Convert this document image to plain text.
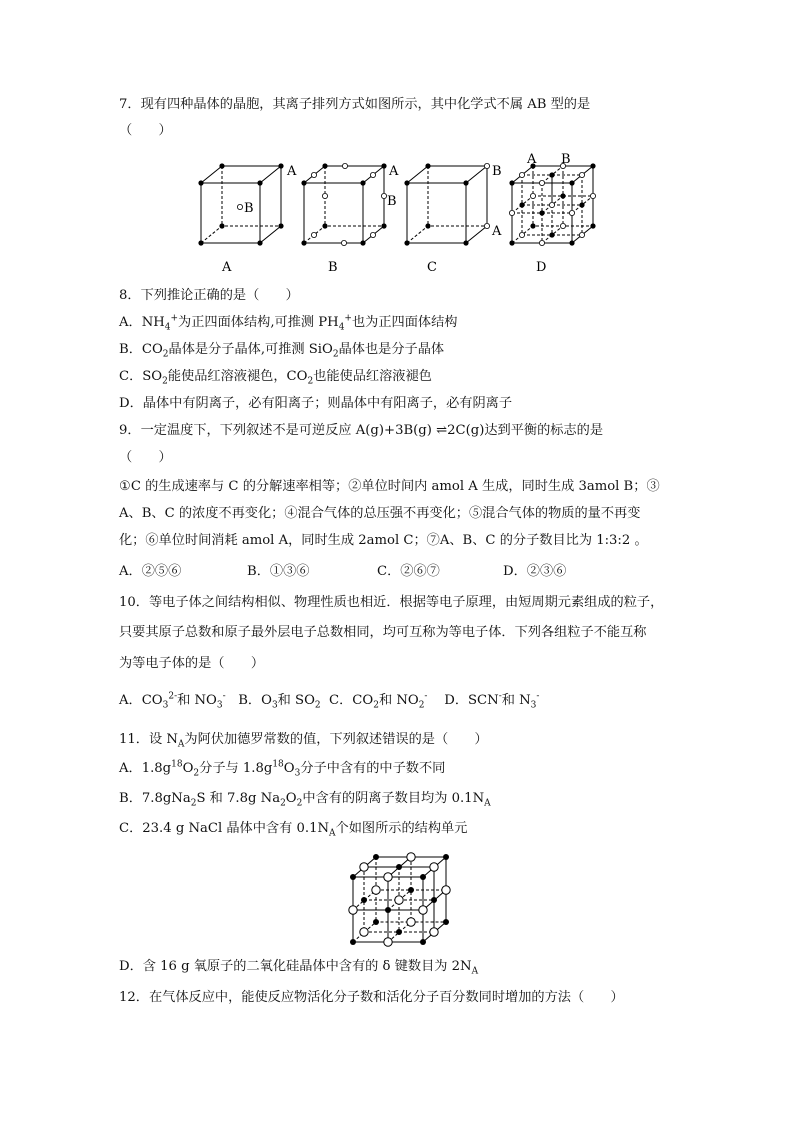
7．现有四种晶体的晶胞，其离子排列方式如图所示，其中化学式不属 AB 型的是
（　　）
A
B
A
B
B
A
A B
A	B	C	D
8．下列推论正确的是（　　）
A．$NH_4^+$为正四面体结构,可推测 $PH_4^+$也为正四面体结构
B．$CO_2$晶体是分子晶体,可推测 SiO$_2$晶体也是分子晶体
C．$SO_2$能使品红溶液褪色，$CO_2$也能使品红溶液褪色
D．晶体中有阴离子，必有阳离子；则晶体中有阳离子，必有阴离子
9．一定温度下，下列叙述不是可逆反应 A(g)+3B(g) ⇌2C(g)达到平衡的标志的是
（　　）
①C 的生成速率与 C 的分解速率相等；②单位时间内 amol A 生成，同时生成 3amol B；③
A、B、C 的浓度不再变化；④混合气体的总压强不再变化；⑤混合气体的物质的量不再变
化；⑥单位时间消耗 amol A，同时生成 2amol C；⑦A、B、C 的分子数目比为 1:3:2 。
A．②⑤⑥	B．①③⑥	C．②⑥⑦	D．②③⑥
10．等电子体之间结构相似、物理性质也相近．根据等电子原理，由短周期元素组成的粒子，
只要其原子总数和原子最外层电子总数相同，均可互称为等电子体．下列各组粒子不能互称
为等电子体的是（　　）
A．$CO_3^{2-}$和 $NO_3^-$ B．$O_3$和 $SO_2$ C．$CO_2$和 $NO_2^-$ D．SCN-和 $N_3^-$
11．设 $N_A$为阿伏加德罗常数的值，下列叙述错误的是（　　）
A．$1.8g^{18}O_2$分子与 $1.8g^{18}O_3$分子中含有的中子数不同
B．7.8gNa$_2$S 和 7.8g $Na_2O_2$中含有的阴离子数目均为 $0.1N_A$
C．23.4 g NaCl 晶体中含有 $0.1N_A$个如图所示的结构单元
D．含 16 g 氧原子的二氧化硅晶体中含有的 δ 键数目为 $2N_A$
12．在气体反应中，能使反应物活化分子数和活化分子百分数同时增加的方法（　　）
